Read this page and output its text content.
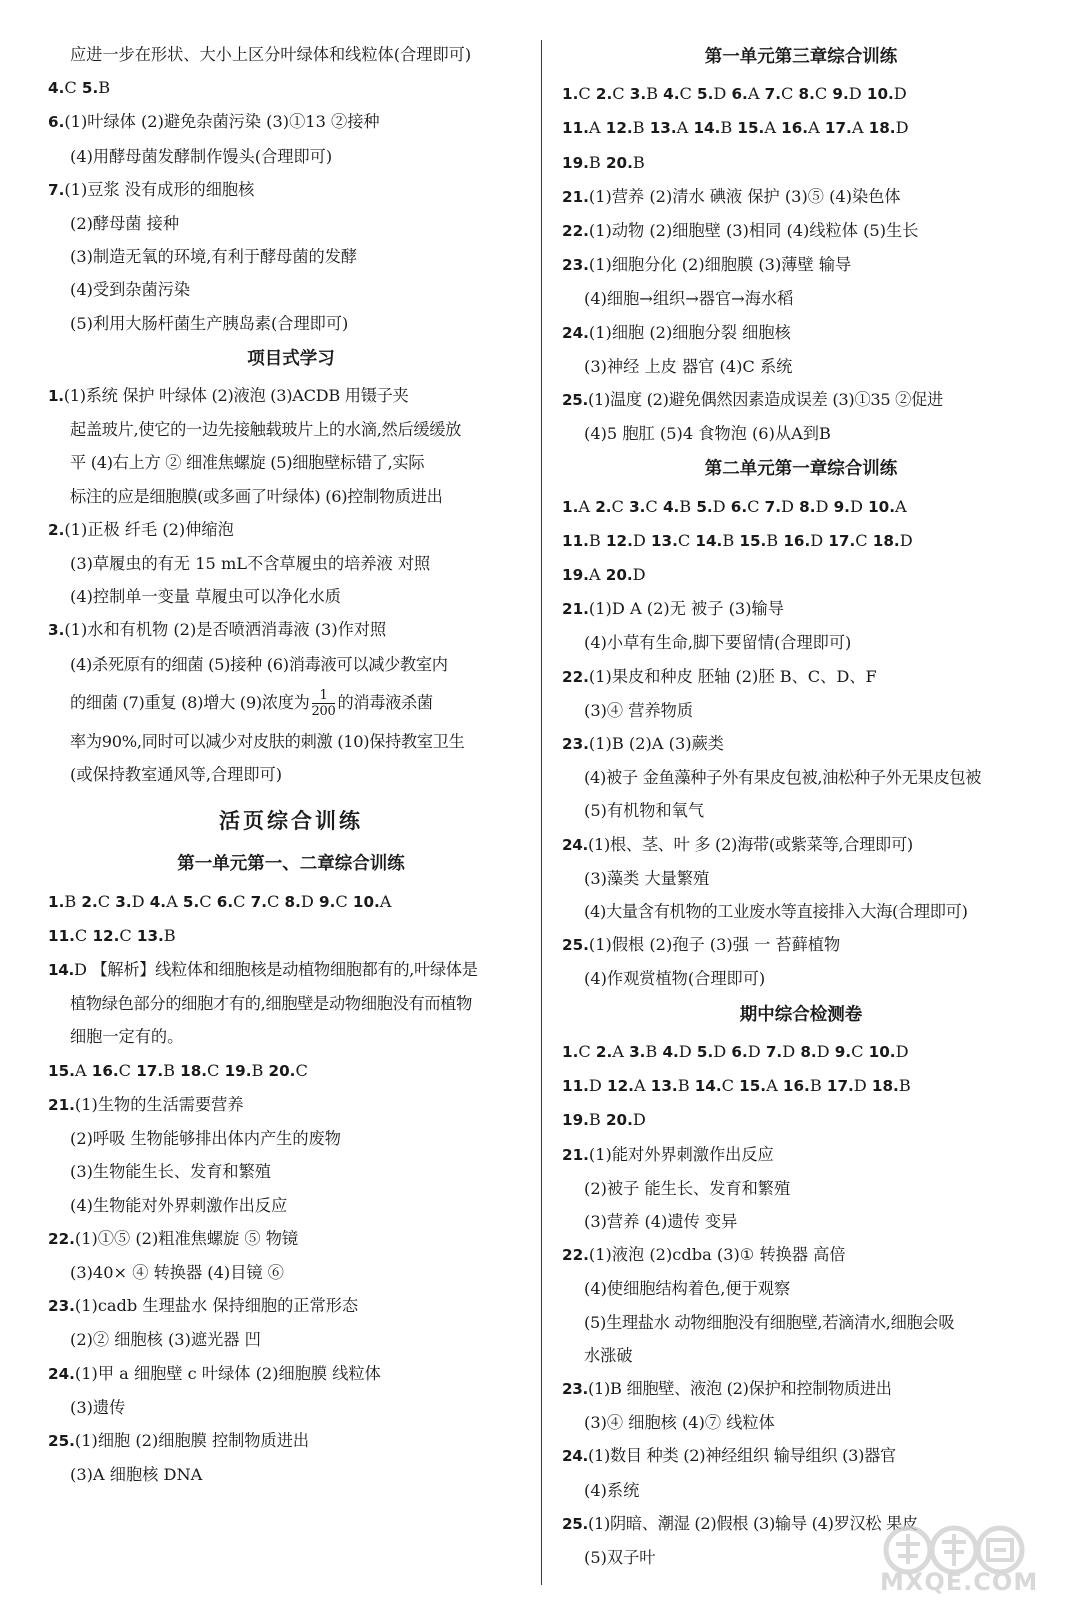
应进一步在形状、大小上区分叶绿体和线粒体(合理即可)
4.C 5.B
6.(1)叶绿体 (2)避免杂菌污染 (3)①13 ②接种
(4)用酵母菌发酵制作馒头(合理即可)
7.(1)豆浆 没有成形的细胞核
(2)酵母菌 接种
(3)制造无氧的环境,有利于酵母菌的发酵
(4)受到杂菌污染
(5)利用大肠杆菌生产胰岛素(合理即可)
项目式学习
1.(1)系统 保护 叶绿体 (2)液泡 (3)ACDB 用镊子夹
起盖玻片,使它的一边先接触载玻片上的水滴,然后缓缓放
平 (4)右上方 ② 细准焦螺旋 (5)细胞壁标错了,实际
标注的应是细胞膜(或多画了叶绿体) (6)控制物质进出
2.(1)正极 纤毛 (2)伸缩泡
(3)草履虫的有无 15 mL不含草履虫的培养液 对照
(4)控制单一变量 草履虫可以净化水质
3.(1)水和有机物 (2)是否喷洒消毒液 (3)作对照
(4)杀死原有的细菌 (5)接种 (6)消毒液可以减少教室内
的细菌 (7)重复 (8)增大 (9)浓度为 $\frac{1}{200}$ 的消毒液杀菌
率为90%,同时可以减少对皮肤的刺激 (10)保持教室卫生
(或保持教室通风等,合理即可)
活页综合训练
第一单元第一、二章综合训练
1.B 2.C 3.D 4.A 5.C 6.C 7.C 8.D 9.C 10.A
11.C 12.C 13.B
14.D 【解析】线粒体和细胞核是动植物细胞都有的,叶绿体是
植物绿色部分的细胞才有的,细胞壁是动物细胞没有而植物
细胞一定有的。
15.A 16.C 17.B 18.C 19.B 20.C
21.(1)生物的生活需要营养
(2)呼吸 生物能够排出体内产生的废物
(3)生物能生长、发育和繁殖
(4)生物能对外界刺激作出反应
22.(1)①⑤ (2)粗准焦螺旋 ⑤ 物镜
(3)40× ④ 转换器 (4)目镜 ⑥
23.(1)cadb 生理盐水 保持细胞的正常形态
(2)② 细胞核 (3)遮光器 凹
24.(1)甲 a 细胞壁 c 叶绿体 (2)细胞膜 线粒体
(3)遗传
25.(1)细胞 (2)细胞膜 控制物质进出
(3)A 细胞核 DNA
第一单元第三章综合训练
1.C 2.C 3.B 4.C 5.D 6.A 7.C 8.C 9.D 10.D
11.A 12.B 13.A 14.B 15.A 16.A 17.A 18.D
19.B 20.B
21.(1)营养 (2)清水 碘液 保护 (3)⑤ (4)染色体
22.(1)动物 (2)细胞壁 (3)相同 (4)线粒体 (5)生长
23.(1)细胞分化 (2)细胞膜 (3)薄壁 输导
(4)细胞→组织→器官→海水稻
24.(1)细胞 (2)细胞分裂 细胞核
(3)神经 上皮 器官 (4)C 系统
25.(1)温度 (2)避免偶然因素造成误差 (3)①35 ②促进
(4)5 胞肛 (5)4 食物泡 (6)从A到B
第二单元第一章综合训练
1.A 2.C 3.C 4.B 5.D 6.C 7.D 8.D 9.D 10.A
11.B 12.D 13.C 14.B 15.B 16.D 17.C 18.D
19.A 20.D
21.(1)D A (2)无 被子 (3)输导
(4)小草有生命,脚下要留情(合理即可)
22.(1)果皮和种皮 胚轴 (2)胚 B、C、D、F
(3)④ 营养物质
23.(1)B (2)A (3)蕨类
(4)被子 金鱼藻种子外有果皮包被,油松种子外无果皮包被
(5)有机物和氧气
24.(1)根、茎、叶 多 (2)海带(或紫菜等,合理即可)
(3)藻类 大量繁殖
(4)大量含有机物的工业废水等直接排入大海(合理即可)
25.(1)假根 (2)孢子 (3)强 一 苔藓植物
(4)作观赏植物(合理即可)
期中综合检测卷
1.C 2.A 3.B 4.D 5.D 6.D 7.D 8.D 9.C 10.D
11.D 12.A 13.B 14.C 15.A 16.B 17.D 18.B
19.B 20.D
21.(1)能对外界刺激作出反应
(2)被子 能生长、发育和繁殖
(3)营养 (4)遗传 变异
22.(1)液泡 (2)cdba (3)① 转换器 高倍
(4)使细胞结构着色,便于观察
(5)生理盐水 动物细胞没有细胞壁,若滴清水,细胞会吸
水涨破
23.(1)B 细胞壁、液泡 (2)保护和控制物质进出
(3)④ 细胞核 (4)⑦ 线粒体
24.(1)数目 种类 (2)神经组织 输导组织 (3)器官
(4)系统
25.(1)阴暗、潮湿 (2)假根 (3)输导 (4)罗汉松 果皮
(5)双子叶
MXQE.COM
